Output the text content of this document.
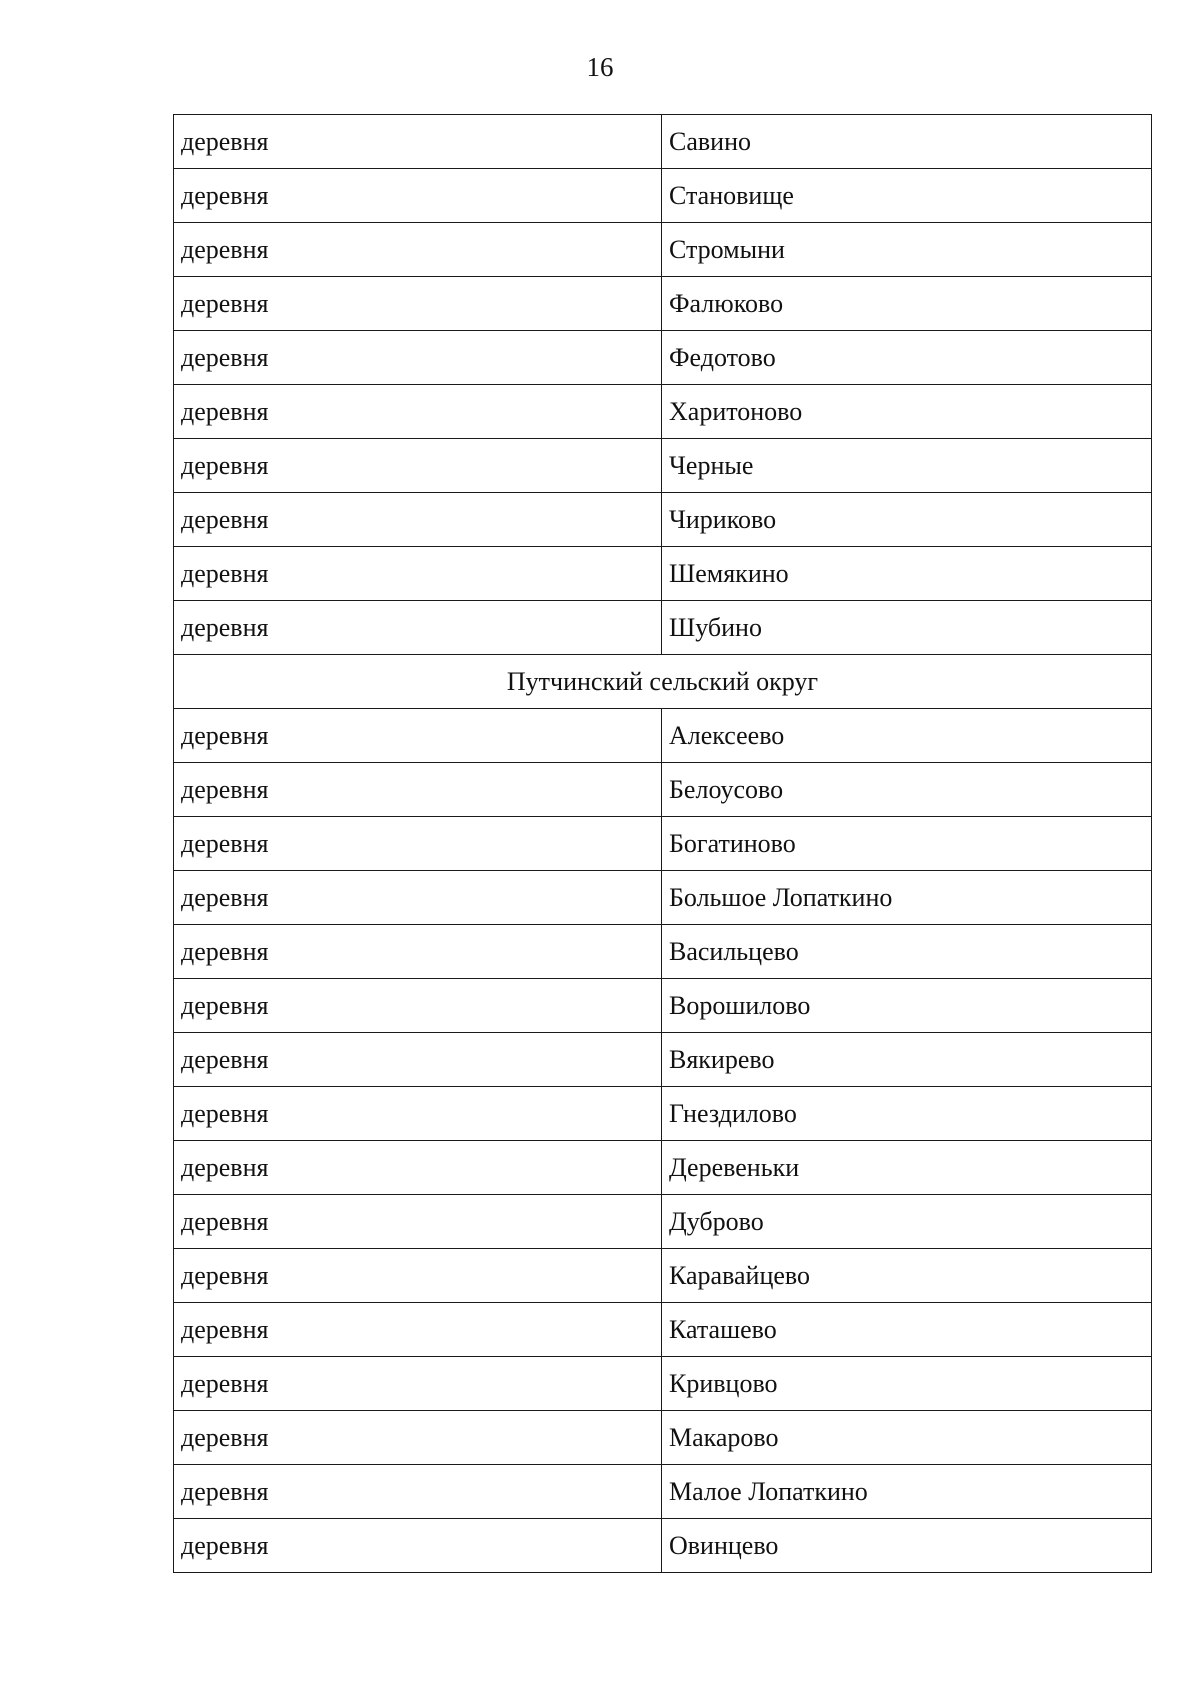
16
деревня	Савино
деревня	Становище
деревня	Стромыни
деревня	Фалюково
деревня	Федотово
деревня	Харитоново
деревня	Черные
деревня	Чириково
деревня	Шемякино
деревня	Шубино
Путчинский сельский округ	
деревня	Алексеево
деревня	Белоусово
деревня	Богатиново
деревня	Большое Лопаткино
деревня	Васильцево
деревня	Ворошилово
деревня	Вякирево
деревня	Гнездилово
деревня	Деревеньки
деревня	Дуброво
деревня	Каравайцево
деревня	Каташево
деревня	Кривцово
деревня	Макарово
деревня	Малое Лопаткино
деревня	Овинцево
